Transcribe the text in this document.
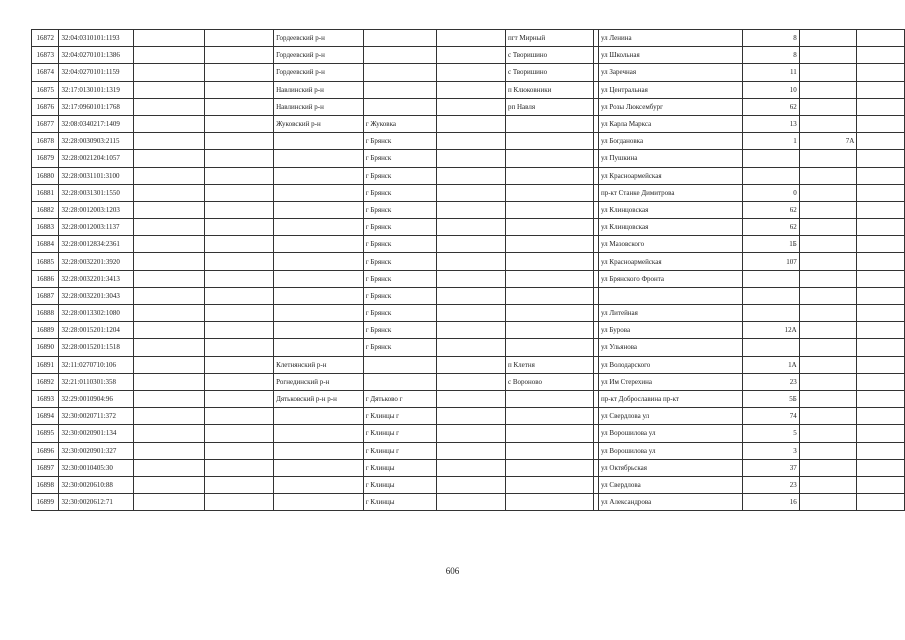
16872	32:04:0310101:1193			Гордеевский р-н			пгт Мирный		ул Ленина	8		
16873	32:04:0270101:1386			Гордеевский р-н			с Творишино		ул Школьная	8		
16874	32:04:0270101:1159			Гордеевский р-н			с Творишино		ул Заречная	11		
16875	32:17:0130101:1319			Навлинский р-н			п Клюковники		ул Центральная	10		
16876	32:17:0960101:1768			Навлинский р-н			рп Навля		ул Розы Люксембург	62		
16877	32:08:0340217:1409			Жуковский р-н	г Жуковка				ул Карла Маркса	13		
16878	32:28:0030903:2115				г Брянск				ул Богдановка	1	7А	
16879	32:28:0021204:1057				г Брянск				ул Пушкина			
16880	32:28:0031101:3100				г Брянск				ул Красноармейская			
16881	32:28:0031301:1550				г Брянск				пр-кт Станке Димитрова	0		
16882	32:28:0012003:1203				г Брянск				ул Клинцовская	62		
16883	32:28:0012003:1137				г Брянск				ул Клинцовская	62		
16884	32:28:0012834:2361				г Брянск				ул Мазовского	1Б		
16885	32:28:0032201:3920				г Брянск				ул Красноармейская	107		
16886	32:28:0032201:3413				г Брянск				ул Брянского Фронта			
16887	32:28:0032201:3043				г Брянск							
16888	32:28:0013302:1080				г Брянск				ул Литейная			
16889	32:28:0015201:1204				г Брянск				ул Бурова	12А		
16890	32:28:0015201:1518				г Брянск				ул Ульянова			
16891	32:11:0270710:106			Клетнянский р-н			п Клетня		ул Володарского	1А		
16892	32:21:0110301:358			Рогнединский р-н			с Вороново		ул Им Стерехина	23		
16893	32:29:0010904:96			Дятьковский р-н р-н	г Дятьково г				пр-кт Доброславина пр-кт	5Б		
16894	32:30:0020711:372				г Клинцы г				ул Свердлова ул	74		
16895	32:30:0020901:134				г Клинцы г				ул Ворошилова ул	5		
16896	32:30:0020901:327				г Клинцы г				ул Ворошилова ул	3		
16897	32:30:0010405:30				г Клинцы				ул Октябрьская	37		
16898	32:30:0020610:88				г Клинцы				ул Свердлова	23		
16899	32:30:0020612:71				г Клинцы				ул Александрова	16		
606
